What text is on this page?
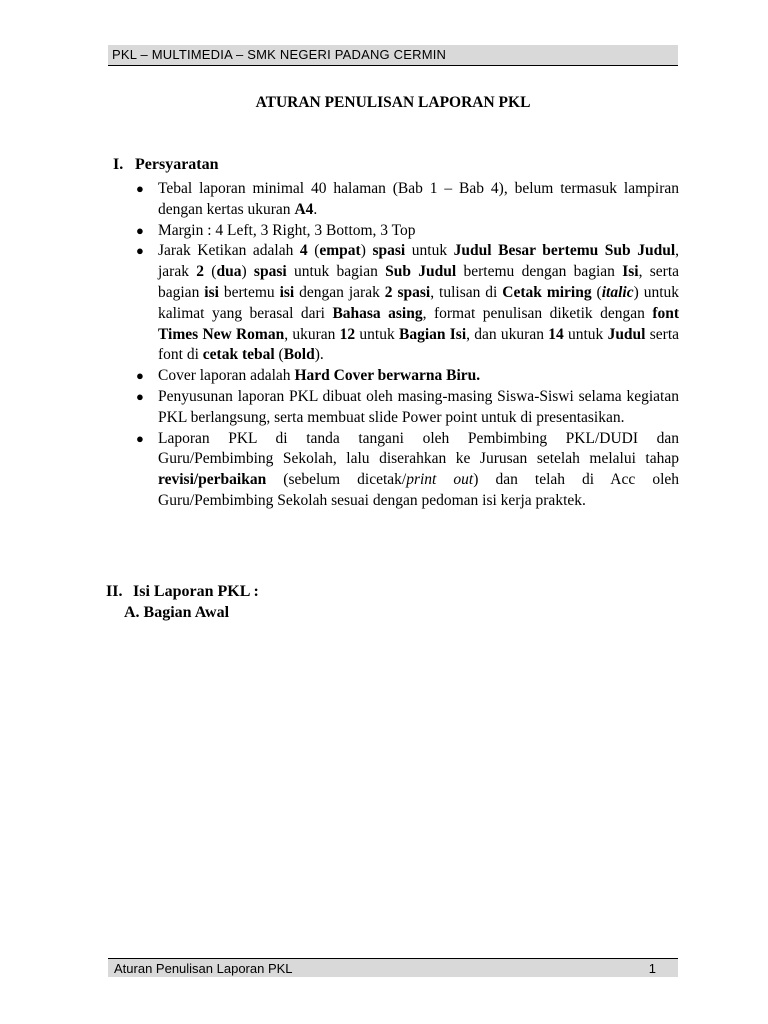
PKL – MULTIMEDIA – SMK NEGERI PADANG CERMIN
ATURAN PENULISAN LAPORAN PKL
I. Persyaratan
● Tebal laporan minimal 40 halaman (Bab 1 – Bab 4), belum termasuk lampiran dengan kertas ukuran A4.
● Margin : 4 Left, 3 Right, 3 Bottom, 3 Top
● Jarak Ketikan adalah 4 (empat) spasi untuk Judul Besar bertemu Sub Judul, jarak 2 (dua) spasi untuk bagian Sub Judul bertemu dengan bagian Isi, serta bagian isi bertemu isi dengan jarak 2 spasi, tulisan di Cetak miring (italic) untuk kalimat yang berasal dari Bahasa asing, format penulisan diketik dengan font Times New Roman, ukuran 12 untuk Bagian Isi, dan ukuran 14 untuk Judul serta font di cetak tebal (Bold).
● Cover laporan adalah Hard Cover berwarna Biru.
● Penyusunan laporan PKL dibuat oleh masing-masing Siswa-Siswi selama kegiatan PKL berlangsung, serta membuat slide Power point untuk di presentasikan.
● Laporan PKL di tanda tangani oleh Pembimbing PKL/DUDI dan Guru/Pembimbing Sekolah, lalu diserahkan ke Jurusan setelah melalui tahap revisi/perbaikan (sebelum dicetak/print out) dan telah di Acc oleh Guru/Pembimbing Sekolah sesuai dengan pedoman isi kerja praktek.
II. Isi Laporan PKL :
A. Bagian Awal
Aturan Penulisan Laporan PKL	1
